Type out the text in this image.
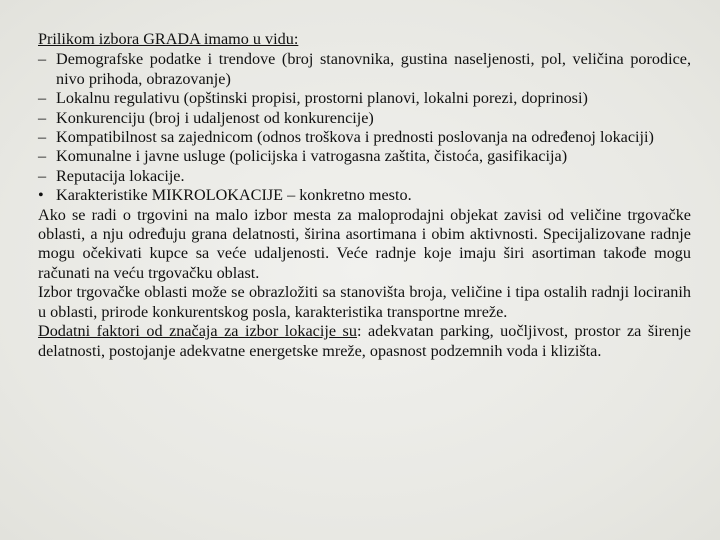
Prilikom izbora GRADA imamo u vidu:

– Demografske podatke i trendove (broj stanovnika, gustina naseljenosti, pol, veličina porodice, nivo prihoda, obrazovanje)

– Lokalnu regulativu (opštinski propisi, prostorni planovi, lokalni porezi, doprinosi)

– Konkurenciju (broj i udaljenost od konkurencije)

– Kompatibilnost sa zajednicom (odnos troškova i prednosti poslovanja na određenoj lokaciji)

– Komunalne i javne usluge (policijska i vatrogasna zaštita, čistoća, gasifikacija)

– Reputacija lokacije.

• Karakteristike MIKROLOKACIJE – konkretno mesto.

Ako se radi o trgovini na malo izbor mesta za maloprodajni objekat zavisi od veličine trgovačke oblasti, a nju određuju grana delatnosti, širina asortimana i obim aktivnosti. Specijalizovane radnje mogu očekivati kupce sa veće udaljenosti. Veće radnje koje imaju širi asortiman takođe mogu računati na veću trgovačku oblast.

Izbor trgovačke oblasti može se obrazložiti sa stanovišta broja, veličine i tipa ostalih radnji lociranih u oblasti, prirode konkurentskog posla, karakteristika transportne mreže.

Dodatni faktori od značaja za izbor lokacije su: adekvatan parking, uočljivost, prostor za širenje delatnosti, postojanje adekvatne energetske mreže, opasnost podzemnih voda i klizišta.
